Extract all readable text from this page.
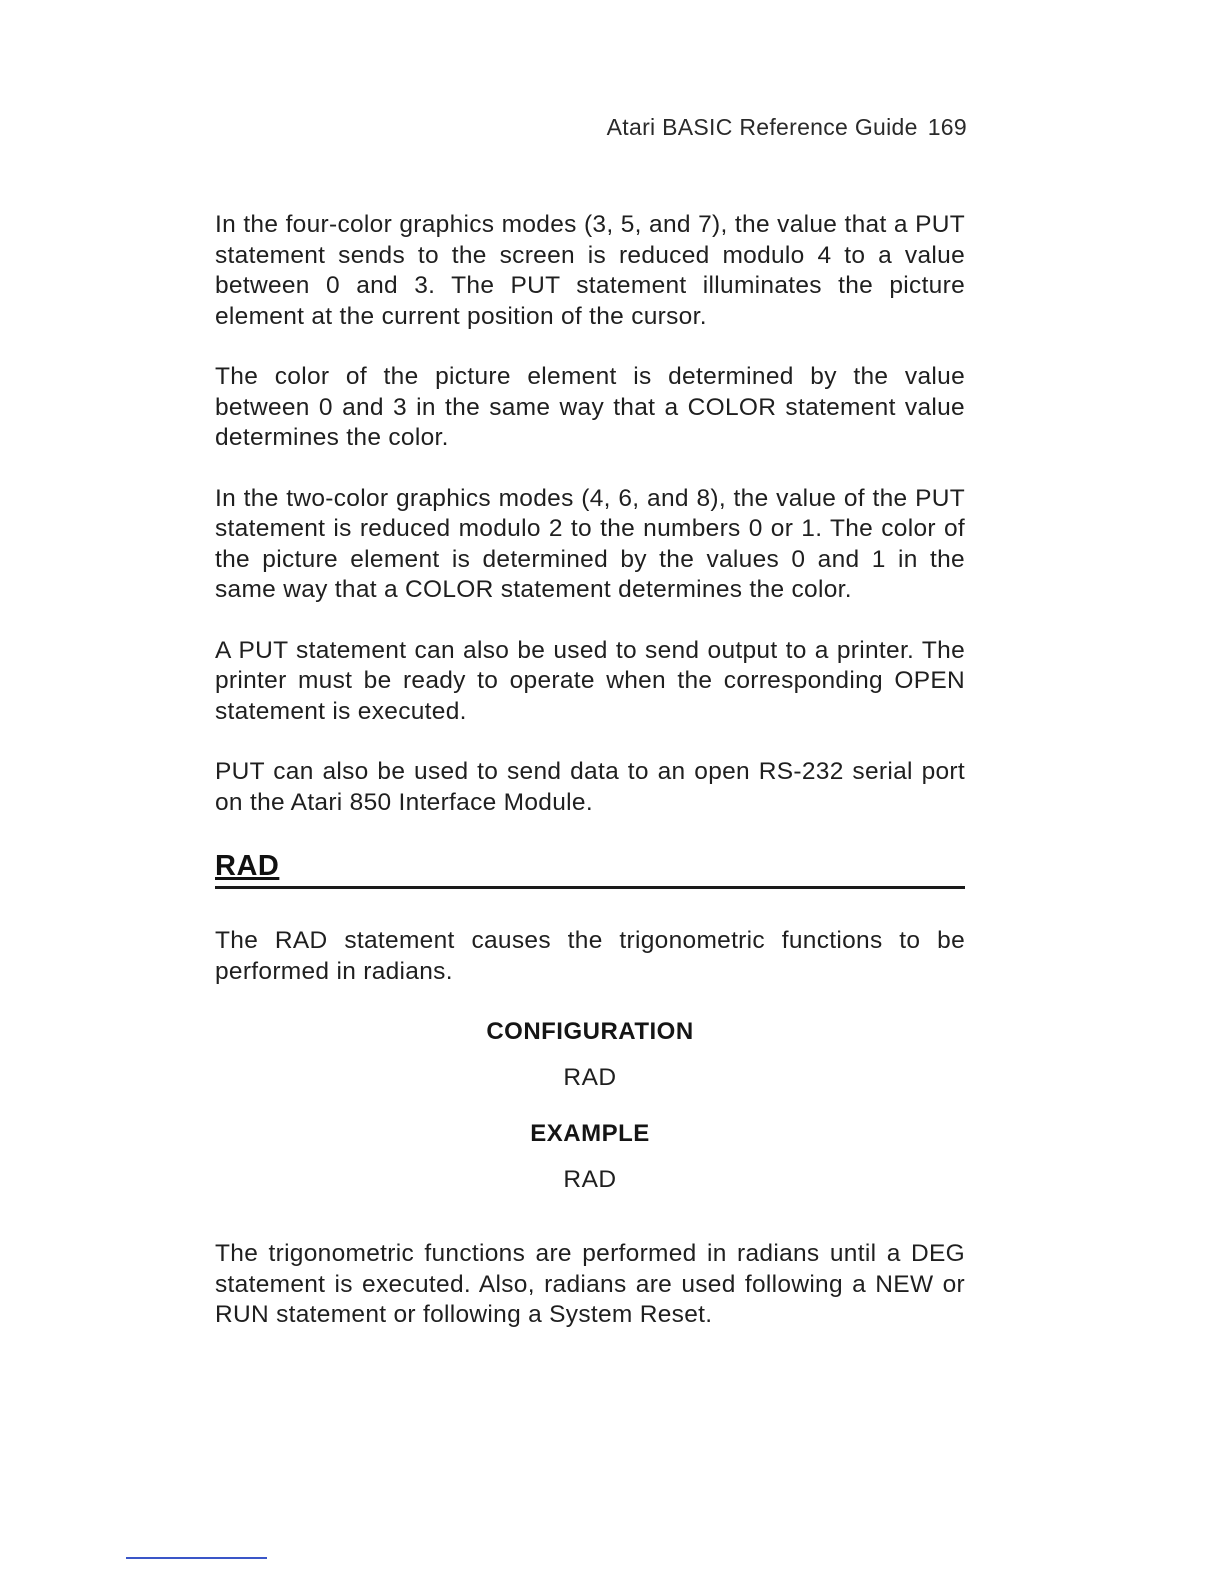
Atari BASIC Reference Guide 169

In the four-color graphics modes (3, 5, and 7), the value that a PUT statement sends to the screen is reduced modulo 4 to a value between 0 and 3. The PUT statement illuminates the picture element at the current position of the cursor.

The color of the picture element is determined by the value between 0 and 3 in the same way that a COLOR statement value determines the color.

In the two-color graphics modes (4, 6, and 8), the value of the PUT statement is reduced modulo 2 to the numbers 0 or 1. The color of the picture element is determined by the values 0 and 1 in the same way that a COLOR statement determines the color.

A PUT statement can also be used to send output to a printer. The printer must be ready to operate when the corresponding OPEN statement is executed.

PUT can also be used to send data to an open RS-232 serial port on the Atari 850 Interface Module.

RAD

The RAD statement causes the trigonometric functions to be performed in radians.

CONFIGURATION
RAD
EXAMPLE
RAD

The trigonometric functions are performed in radians until a DEG statement is executed. Also, radians are used following a NEW or RUN statement or following a System Reset.
